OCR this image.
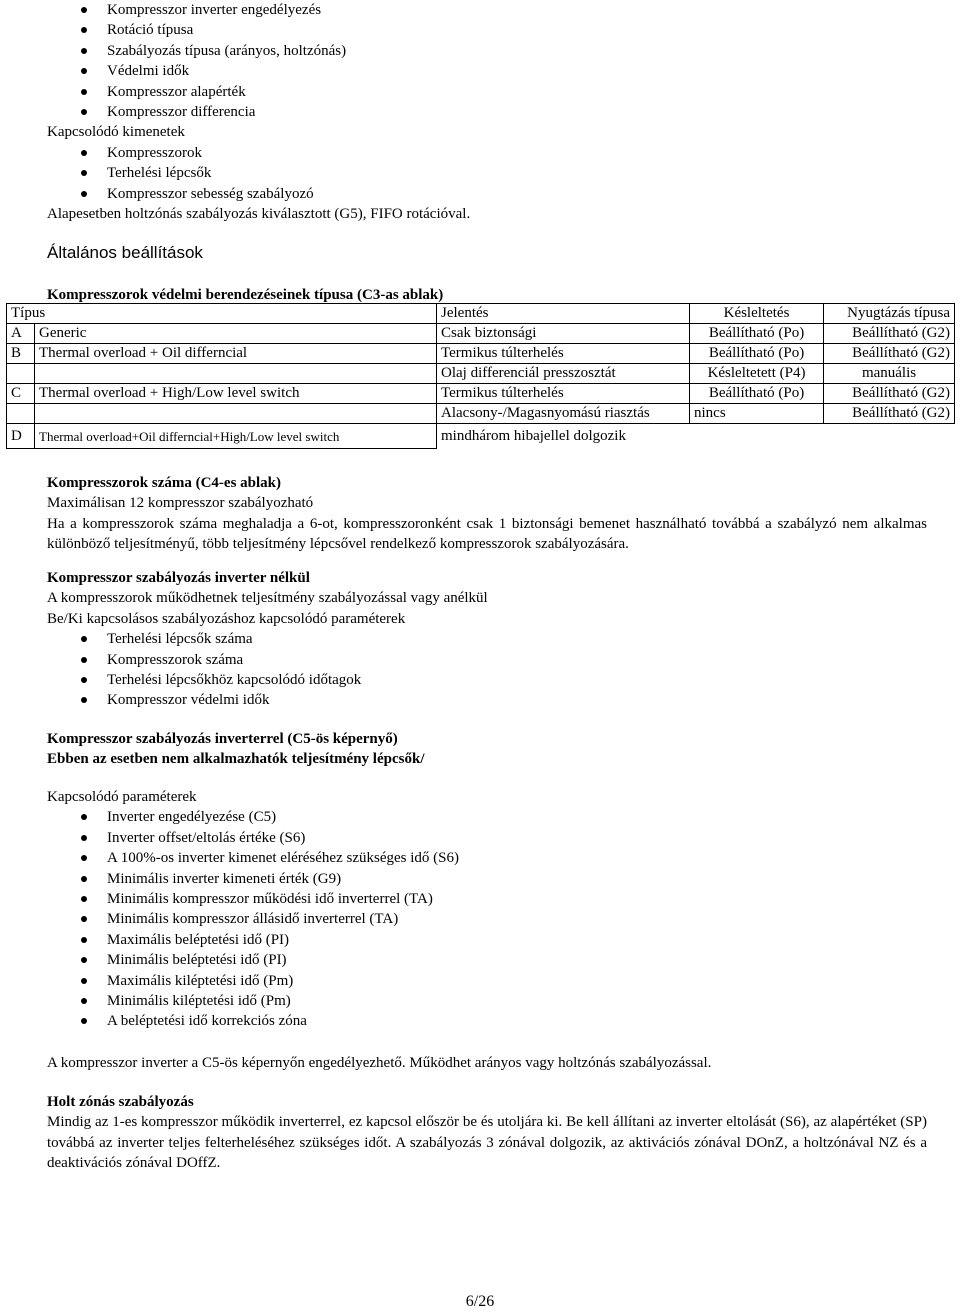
Kompresszor inverter engedélyezés
Rotáció típusa
Szabályozás típusa (arányos, holtzónás)
Védelmi idők
Kompresszor alapérték
Kompresszor differencia

Kapcsolódó kimenetek

Kompresszorok
Terhelési lépcsők
Kompresszor sebesség szabályozó

Alapesetben holtzónás szabályozás kiválasztott (G5), FIFO rotációval.

Általános beállítások
Kompresszorok védelmi berendezéseinek típusa (C3-as ablak)
Típus		Jelentés	Késleltetés	Nyugtázás típusa
A	Generic	Csak biztonsági	Beállítható (Po)	Beállítható (G2)
B	Thermal overload + Oil differncial	Termikus túlterhelés	Beállítható (Po)	Beállítható (G2)
		Olaj differenciál presszosztát	Késleltetett (P4)	manuális
C	Thermal overload + High/Low level switch	Termikus túlterhelés	Beállítható (Po)	Beállítható (G2)
		Alacsony-/Magasnyomású riasztás	nincs	Beállítható (G2)
D	Thermal overload+Oil differncial+High/Low level switch	mindhárom hibajellel dolgozik		

Kompresszorok száma (C4-es ablak)

Maximálisan 12 kompresszor szabályozható

Ha a kompresszorok száma meghaladja a 6-ot, kompresszoronként csak 1 biztonsági bemenet használható továbbá a szabályzó nem alkalmas különböző teljesítményű, több teljesítmény lépcsővel rendelkező kompresszorok szabályozására.

Kompresszor szabályozás inverter nélkül

A kompresszorok működhetnek teljesítmény szabályozással vagy anélkül

Be/Ki kapcsolásos szabályozáshoz kapcsolódó paraméterek

Terhelési lépcsők száma
Kompresszorok száma
Terhelési lépcsőkhöz kapcsolódó időtagok
Kompresszor védelmi idők

Kompresszor szabályozás inverterrel (C5-ös képernyő)

Ebben az esetben nem alkalmazhatók teljesítmény lépcsők/

Kapcsolódó paraméterek

Inverter engedélyezése (C5)
Inverter offset/eltolás értéke (S6)
A 100%-os inverter kimenet eléréséhez szükséges idő (S6)
Minimális inverter kimeneti érték (G9)
Minimális kompresszor működési idő inverterrel (TA)
Minimális kompresszor állásidő inverterrel (TA)
Maximális beléptetési idő (PI)
Minimális beléptetési idő (PI)
Maximális kiléptetési idő (Pm)
Minimális kiléptetési idő (Pm)
A beléptetési idő korrekciós zóna
A kompresszor inverter a C5-ös képernyőn engedélyezhető. Működhet arányos vagy holtzónás szabályozással.

Holt zónás szabályozás

Mindig az 1-es kompresszor működik inverterrel, ez kapcsol először be és utoljára ki. Be kell állítani az inverter eltolását (S6), az alapértéket (SP) továbbá az inverter teljes felterheléséhez szükséges időt. A szabályozás 3 zónával dolgozik, az aktivációs zónával DOnZ, a holtzónával NZ és a deaktivációs zónával DOffZ.

6/26
